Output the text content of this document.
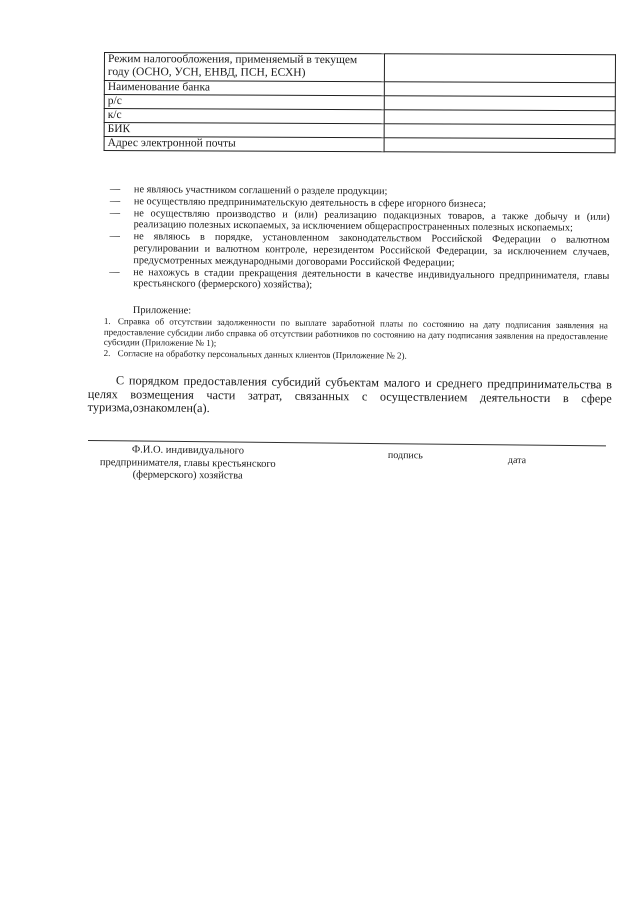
Режим налогообложения, применяемый в текущем году (ОСНО, УСН, ЕНВД, ПСН, ЕСХН)	
Наименование банка	
р/с	
к/с	
БИК	
Адрес электронной почты	
— не являюсь участником соглашений о разделе продукции;
— не осуществляю предпринимательскую деятельность в сфере игорного бизнеса;
— не осуществляю производство и (или) реализацию подакцизных товаров, а также добычу и (или) реализацию полезных ископаемых, за исключением общераспространенных полезных ископаемых;
— не являюсь в порядке, установленном законодательством Российской Федерации о валютном регулировании и валютном контроле, нерезидентом Российской Федерации, за исключением случаев, предусмотренных международными договорами Российской Федерации;
— не нахожусь в стадии прекращения деятельности в качестве индивидуального предпринимателя, главы крестьянского (фермерского) хозяйства);
Приложение:
1. Справка об отсутствии задолженности по выплате заработной платы по состоянию на дату подписания заявления на предоставление субсидии либо справка об отсутствии работников по состоянию на дату подписания заявления на предоставление субсидии (Приложение № 1);
2. Согласие на обработку персональных данных клиентов (Приложение № 2).

С порядком предоставления субсидий субъектам малого и среднего предпринимательства в целях возмещения части затрат, связанных с осуществлением деятельности в сфере туризма,ознакомлен(а).

Ф.И.О. индивидуального предпринимателя, главы крестьянского (фермерского) хозяйства
подпись	дата
